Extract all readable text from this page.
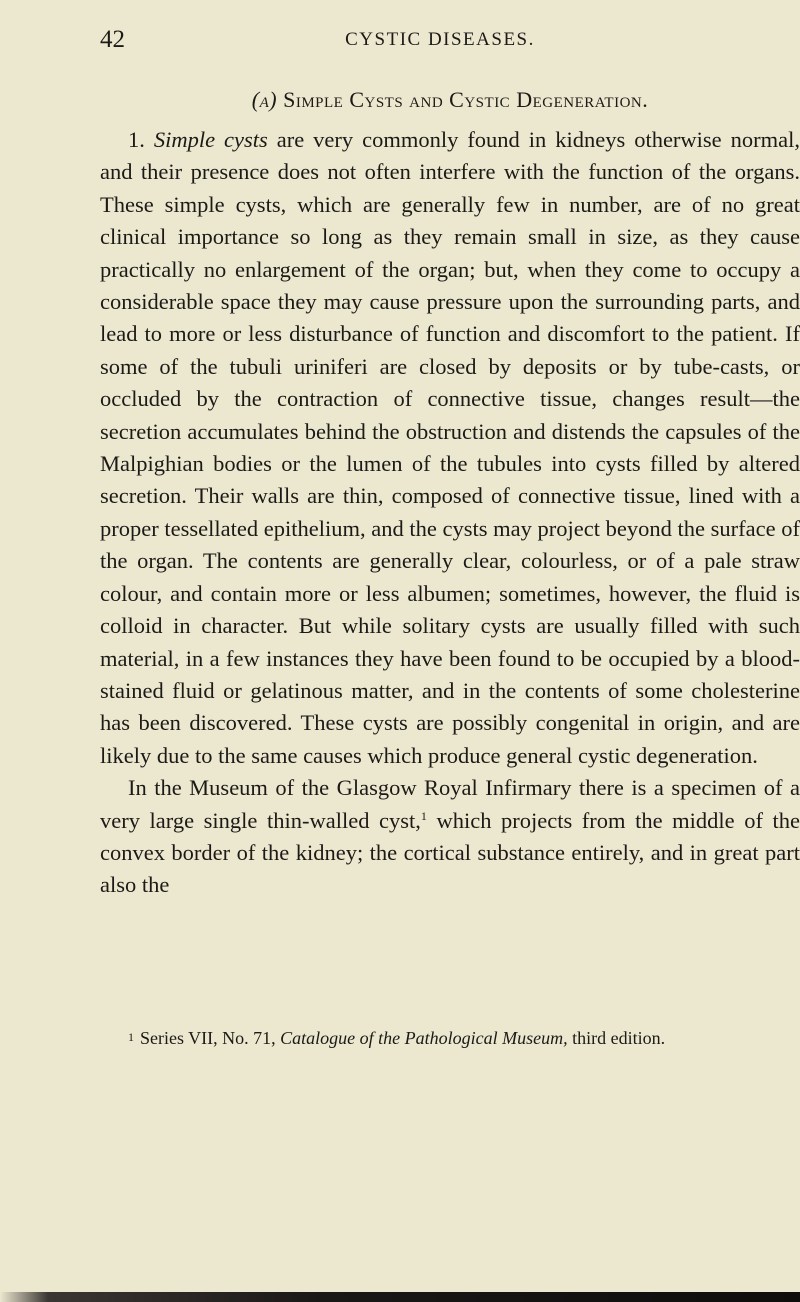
42	CYSTIC DISEASES.
(a) Simple Cysts and Cystic Degeneration.

1. Simple cysts are very commonly found in kidneys otherwise normal, and their presence does not often interfere with the function of the organs. These simple cysts, which are generally few in number, are of no great clinical importance so long as they remain small in size, as they cause practically no enlargement of the organ; but, when they come to occupy a considerable space they may cause pressure upon the surrounding parts, and lead to more or less disturbance of function and discomfort to the patient. If some of the tubuli uriniferi are closed by deposits or by tube-casts, or occluded by the contraction of connective tissue, changes result—the secretion accumulates behind the obstruction and distends the capsules of the Malpighian bodies or the lumen of the tubules into cysts filled by altered secretion. Their walls are thin, composed of connective tissue, lined with a proper tessellated epithelium, and the cysts may project beyond the surface of the organ. The contents are generally clear, colourless, or of a pale straw colour, and contain more or less albumen; sometimes, however, the fluid is colloid in character. But while solitary cysts are usually filled with such material, in a few instances they have been found to be occupied by a blood-stained fluid or gelatinous matter, and in the contents of some cholesterine has been discovered. These cysts are possibly congenital in origin, and are likely due to the same causes which produce general cystic degeneration.

In the Museum of the Glasgow Royal Infirmary there is a specimen of a very large single thin-walled cyst,$^1$ which projects from the middle of the convex border of the kidney; the cortical substance entirely, and in great part also the

1 Series VII, No. 71, Catalogue of the Pathological Museum, third edition.
